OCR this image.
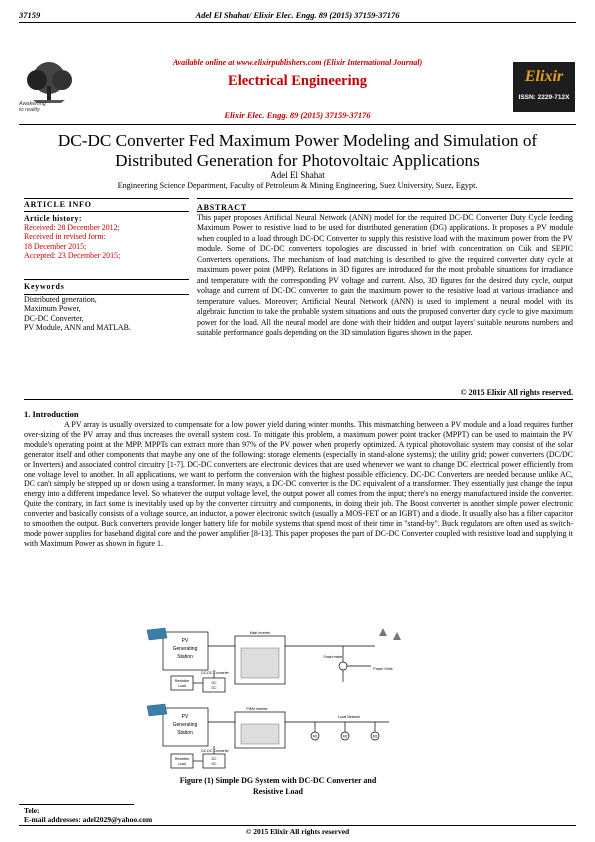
37159	Adel El Shahat/ Elixir Elec. Engg. 89 (2015) 37159-37176
Awakening
to reality
Available online at www.elixirpublishers.com (Elixir International Journal)
Electrical Engineering
Elixir Elec. Engg. 89 (2015) 37159-37176
Elixir
ISSN: 2229-712X
DC-DC Converter Fed Maximum Power Modeling and Simulation of
Distributed Generation for Photovoltaic Applications
Adel El Shahat
Engineering Science Department, Faculty of Petroleum & Mining Engineering, Suez University, Suez, Egypt.
ARTICLE INFO
Article history:
Received: 28 December 2012;
Received in revised form:
18 December 2015;
Accepted: 23 December 2015;
Keywords
Distributed generation,
Maximum Power,
DC-DC Converter,
PV Module, ANN and MATLAB.
ABSTRACT
This paper proposes Artificial Neural Network (ANN) model for the required DC-DC Converter Duty Cycle feeding Maximum Power to resistive load to be used for distributed generation (DG) applications. It proposes a PV module when coupled to a load through DC-DC Converter to supply this resistive load with the maximum power from the PV module. Some of DC-DC converters topologies are discussed in brief with concentration on Cúk and SEPIC Converters operations. The mechanism of load matching is described to give the required converter duty cycle at maximum power point (MPP). Relations in 3D figures are introduced for the most probable situations for irradiance and temperature with the corresponding PV voltage and current. Also, 3D figures for the desired duty cycle, output voltage and current of DC-DC converter to gain the maximum power to the resistive load at various irradiance and temperature values. Moreover; Artificial Neural Network (ANN) is used to implement a neural model with its algebraic function to take the probable system situations and outs the proposed converter duty cycle to give maximum power for the load. All the neural model are done with their hidden and output layers' suitable neurons numbers and suitable performance goals depending on the 3D simulation figures shown in the paper.
© 2015 Elixir All rights reserved.
1. Introduction
A PV array is usually oversized to compensate for a low power yield during winter months. This mismatching between a PV module and a load requires further over-sizing of the PV array and thus increases the overall system cost. To mitigate this problem, a maximum power point tracker (MPPT) can be used to maintain the PV module's operating point at the MPP. MPPTs can extract more than 97% of the PV power when properly optimized. A typical photovoltaic system may consist of the solar generator itself and other components that maybe any one of the following: storage elements (especially in stand-alone systems); the utility grid; power converters (DC/DC or Inverters) and associated control circuitry [1-7]. DC-DC converters are electronic devices that are used whenever we want to change DC electrical power efficiently from one voltage level to another. In all applications, we want to perform the conversion with the highest possible efficiency. DC-DC Converters are needed because unlike AC, DC can't simply be stepped up or down using a transformer. In many ways, a DC-DC converter is the DC equivalent of a transformer. They essentially just change the input energy into a different impedance level. So whatever the output voltage level, the output power all comes from the input; there's no energy manufactured inside the converter. Quite the contrary, in fact some is inevitably used up by the converter circuitry and components, in doing their job. The Boost converter is another simple power electronic converter and basically consists of a voltage source, an inductor, a power electronic switch (usually a MOS-FET or an IGBT) and a diode. It usually also has a filter capacitor to smoothen the output. Buck converters provide longer battery life for mobile systems that spend most of their time in "stand-by". Buck regulators are often used as switch-mode power supplies for baseband digital core and the power amplifier [8-13]. This paper proposes the part of DC-DC Converter coupled with resistive load and supplying it with Maximum Power as shown in figure 1.
PV
Generating
Station
Main Inverter
DC-DC Converter
DC
DC
Resistive
Load
Smart meter
Power Grids
PV
Generating
Station
PWM inverter
DC-DC Converter
DC
DC
Resistive
Load
Local Network
M1	M2	M3
Figure (1) Simple DG System with DC-DC Converter and
Resistive Load
Tele:
E-mail addresses: adel2029@yahoo.com
© 2015 Elixir All rights reserved
